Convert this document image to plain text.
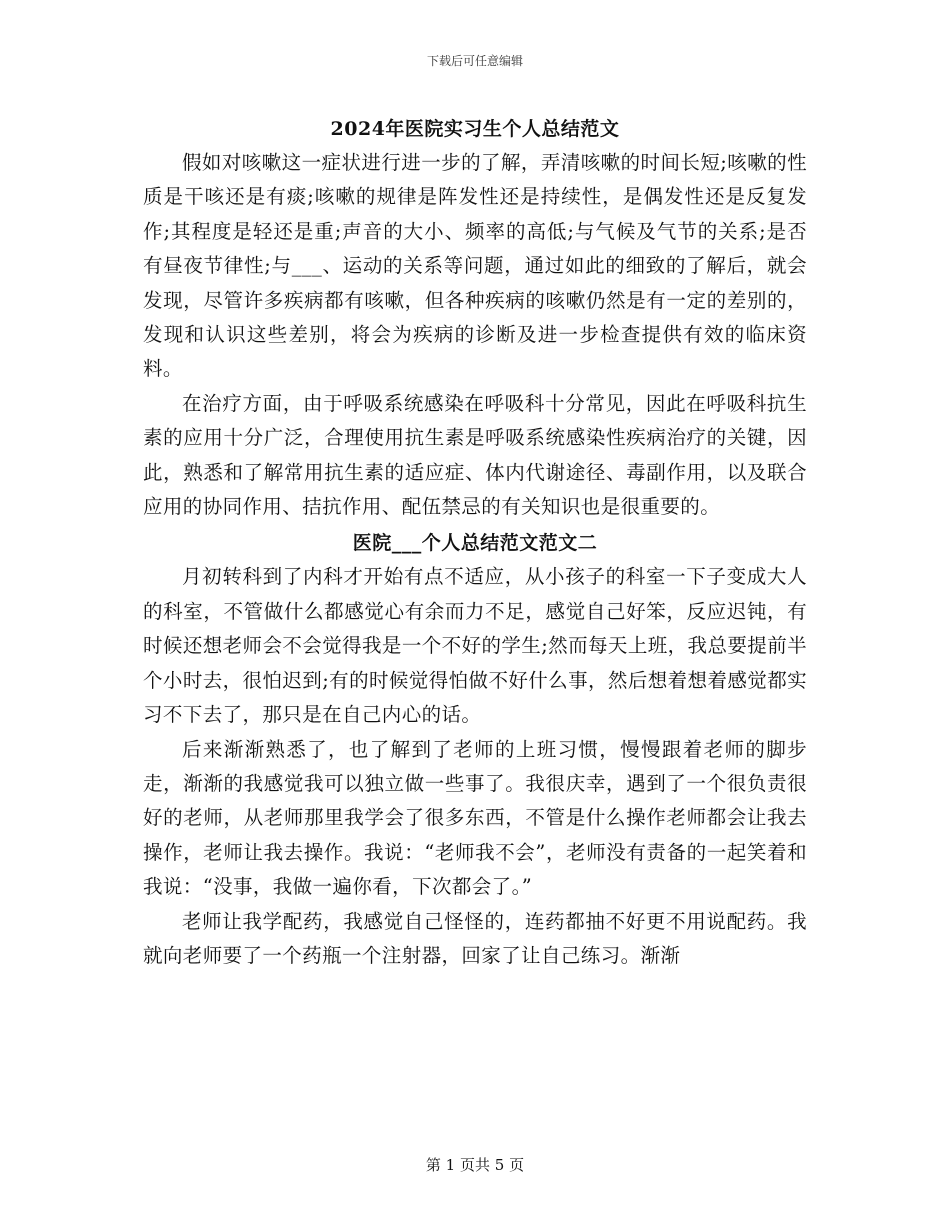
下载后可任意编辑
2024年医院实习生个人总结范文

假如对咳嗽这一症状进行进一步的了解，弄清咳嗽的时间长短;咳嗽的性质是干咳还是有痰;咳嗽的规律是阵发性还是持续性，是偶发性还是反复发作;其程度是轻还是重;声音的大小、频率的高低;与气候及气节的关系;是否有昼夜节律性;与___、运动的关系等问题，通过如此的细致的了解后，就会发现，尽管许多疾病都有咳嗽，但各种疾病的咳嗽仍然是有一定的差别的，发现和认识这些差别，将会为疾病的诊断及进一步检查提供有效的临床资料。

在治疗方面，由于呼吸系统感染在呼吸科十分常见，因此在呼吸科抗生素的应用十分广泛，合理使用抗生素是呼吸系统感染性疾病治疗的关键，因此，熟悉和了解常用抗生素的适应症、体内代谢途径、毒副作用，以及联合应用的协同作用、拮抗作用、配伍禁忌的有关知识也是很重要的。

医院___个人总结范文范文二

月初转科到了内科才开始有点不适应，从小孩子的科室一下子变成大人的科室，不管做什么都感觉心有余而力不足，感觉自己好笨，反应迟钝，有时候还想老师会不会觉得我是一个不好的学生;然而每天上班，我总要提前半个小时去，很怕迟到;有的时候觉得怕做不好什么事，然后想着想着感觉都实习不下去了，那只是在自己内心的话。

后来渐渐熟悉了，也了解到了老师的上班习惯，慢慢跟着老师的脚步走，渐渐的我感觉我可以独立做一些事了。我很庆幸，遇到了一个很负责很好的老师，从老师那里我学会了很多东西，不管是什么操作老师都会让我去操作，老师让我去操作。我说：“老师我不会”，老师没有责备的一起笑着和我说：“没事，我做一遍你看，下次都会了。”

老师让我学配药，我感觉自己怪怪的，连药都抽不好更不用说配药。我就向老师要了一个药瓶一个注射器，回家了让自己练习。渐渐

第 1 页共 5 页
